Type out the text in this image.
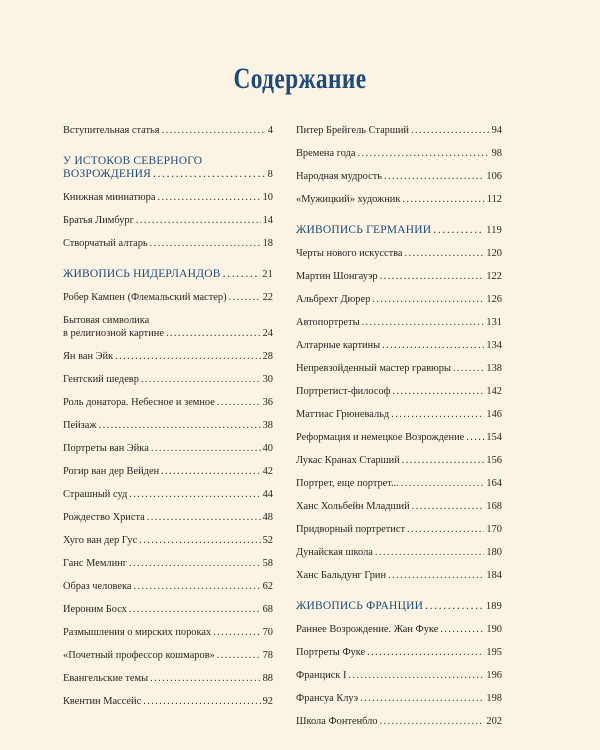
Содержание
Вступительная статья . . .	4
У ИСТОКОВ СЕВЕРНОГО
ВОЗРОЖДЕНИЯ . . .	8
Книжная миниатюра . . .	10
Братья Лимбург . . .	14
Створчатый алтарь . . .	18
ЖИВОПИСЬ НИДЕРЛАНДОВ . . .	21
Робер Кампен (Флемальский мастер) . . .	22
Бытовая символика
в религиозной картине . . .	24
Ян ван Эйк . . .	28
Гентский шедевр . . .	30
Роль донатора. Небесное и земное . . .	36
Пейзаж . . .	38
Портреты ван Эйка . . .	40
Рогир ван дер Вейден . . .	42
Страшный суд . . .	44
Рождество Христа . . .	48
Хуго ван дер Гус . . .	52
Ганс Мемлинг . . .	58
Образ человека . . .	62
Иероним Босх . . .	68
Размышления о мирских пороках . . .	70
«Почетный профессор кошмаров» . . .	78
Евангельские темы . . .	88
Квентин Массейс . . .	92
Питер Брейгель Старший . . .	94
Времена года . . .	98
Народная мудрость . . .	106
«Мужицкий» художник . . .	112
ЖИВОПИСЬ ГЕРМАНИИ . . .	119
Черты нового искусства . . .	120
Мартин Шонгауэр . . .	122
Альбрехт Дюрер . . .	126
Автопортреты . . .	131
Алтарные картины . . .	134
Непревзойденный мастер гравюры . . .	138
Портретист-философ . . .	142
Маттиас Грюневальд . . .	146
Реформация и немецкое Возрождение . . . 154
Лукас Кранах Старший . . .	156
Портрет, еще портрет... . . .	164
Ханс Хольбейн Младший . . .	168
Придворный портретист . . .	170
Дунайская школа . . .	180
Ханс Бальдунг Грин . . .	184
ЖИВОПИСЬ ФРАНЦИИ . . .	189
Раннее Возрождение. Жан Фуке . . .	190
Портреты Фуке . . .	195
Франциск I . . .	196
Франсуа Клуэ . . .	198
Школа Фонтенбло . . .	202
